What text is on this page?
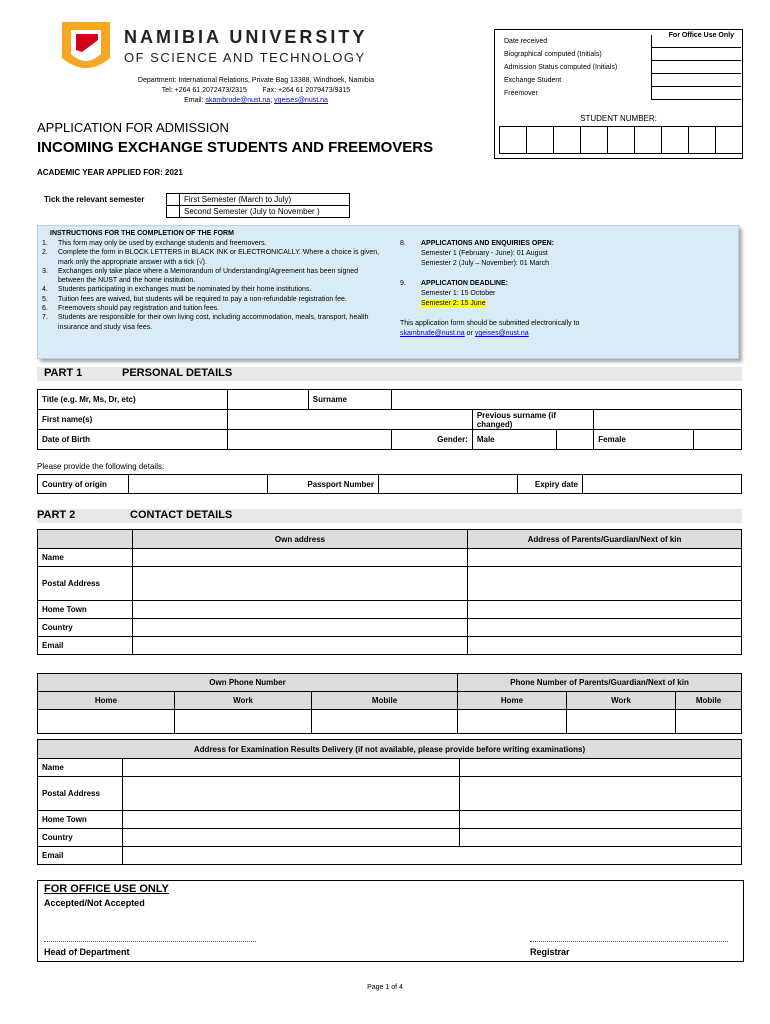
NAMIBIA UNIVERSITY
OF SCIENCE AND TECHNOLOGY
Department: International Relations, Private Bag 13388, Windhoek, Namibia
Tel: +264 61 2072473/2315 Fax: +264 61 2079473/9315
Email: skambrude@nust.na; ygeises@nust.na
For Office Use Only
Date received
Biographical computed (Initials)
Admission Status computed (Initials)
Exchange Student
Freemover
STUDENT NUMBER:
APPLICATION FOR ADMISSION
INCOMING EXCHANGE STUDENTS AND FREEMOVERS
ACADEMIC YEAR APPLIED FOR: 2021
Tick the relevant semester
		First Semester (March to July)
	Second Semester (July to November )
INSTRUCTIONS FOR THE COMPLETION OF THE FORM
1.	This form may only be used by exchange students and freemovers.
2.	Complete the form in BLOCK LETTERS in BLACK INK or ELECTRONICALLY. Where a choice is given, mark only the appropriate answer with a tick (√).
3.	Exchanges only take place where a Memorandum of Understanding/Agreement has been signed between the NUST and the home institution.
4.	Students participating in exchanges must be nominated by their home institutions.
5.	Tuition fees are waived, but students will be required to pay a non-refundable registration fee.
6.	Freemovers should pay registration and tuition fees.
7.	Students are responsible for their own living cost, including accommodation, meals, transport, health insurance and study visa fees.
8.	APPLICATIONS AND ENQUIRIES OPEN:
Semester 1 (February - June): 01 August
Semester 2 (July – November): 01 March
9.	APPLICATION DEADLINE:
Semester 1: 15 October
Semester 2: 15 June
This application form should be submitted electronically to
skambrude@nust.na or ygeises@nust.na
PART 1	PERSONAL DETAILS
Title (e.g. Mr, Ms, Dr, etc)		Surname					
First name(s)				Previous surname (if changed)			
Date of Birth			Gender:	Male		Female	
Please provide the following details:
Country of origin		Passport Number		Expiry date	
PART 2	CONTACT DETAILS
	Own address	Address of Parents/Guardian/Next of kin
Name		
Postal Address		
Home Town		
Country		
Email		
Own Phone Number			Phone Number of Parents/Guardian/Next of kin		
Home	Work	Mobile	Home	Work	Mobile

Address for Examination Results Delivery (if not available, please provide before writing examinations)		
Name		
Postal Address		
Home Town		
Country		
Email		
FOR OFFICE USE ONLY
Accepted/Not Accepted
Head of Department	Registrar
Page 1 of 4
